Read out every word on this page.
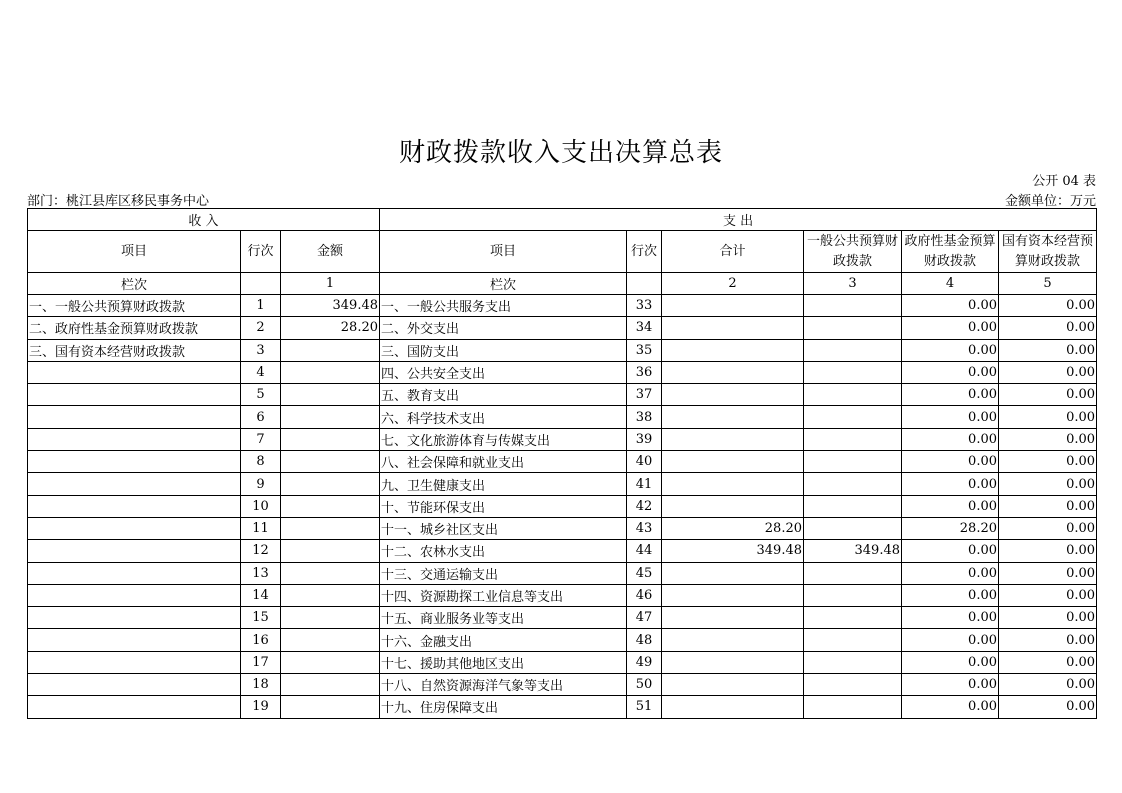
财政拨款收入支出决算总表
公开 04 表
部门：桃江县库区移民事务中心	金额单位：万元
收 入			支 出					
项目	行次	金额	项目	行次	合计	一般公共预算财政拨款	政府性基金预算财政拨款	国有资本经营预算财政拨款
栏次		1	栏次		2	3	4	5
一、一般公共预算财政拨款	1	349.48	一、一般公共服务支出	33			0.00	0.00
二、政府性基金预算财政拨款	2	28.20	二、外交支出	34			0.00	0.00
三、国有资本经营财政拨款	3		三、国防支出	35			0.00	0.00
	4		四、公共安全支出	36			0.00	0.00
	5		五、教育支出	37			0.00	0.00
	6		六、科学技术支出	38			0.00	0.00
	7		七、文化旅游体育与传媒支出	39			0.00	0.00
	8		八、社会保障和就业支出	40			0.00	0.00
	9		九、卫生健康支出	41			0.00	0.00
	10		十、节能环保支出	42			0.00	0.00
	11		十一、城乡社区支出	43	28.20		28.20	0.00
	12		十二、农林水支出	44	349.48	349.48	0.00	0.00
	13		十三、交通运输支出	45			0.00	0.00
	14		十四、资源勘探工业信息等支出	46			0.00	0.00
	15		十五、商业服务业等支出	47			0.00	0.00
	16		十六、金融支出	48			0.00	0.00
	17		十七、援助其他地区支出	49			0.00	0.00
	18		十八、自然资源海洋气象等支出	50			0.00	0.00
	19		十九、住房保障支出	51			0.00	0.00
